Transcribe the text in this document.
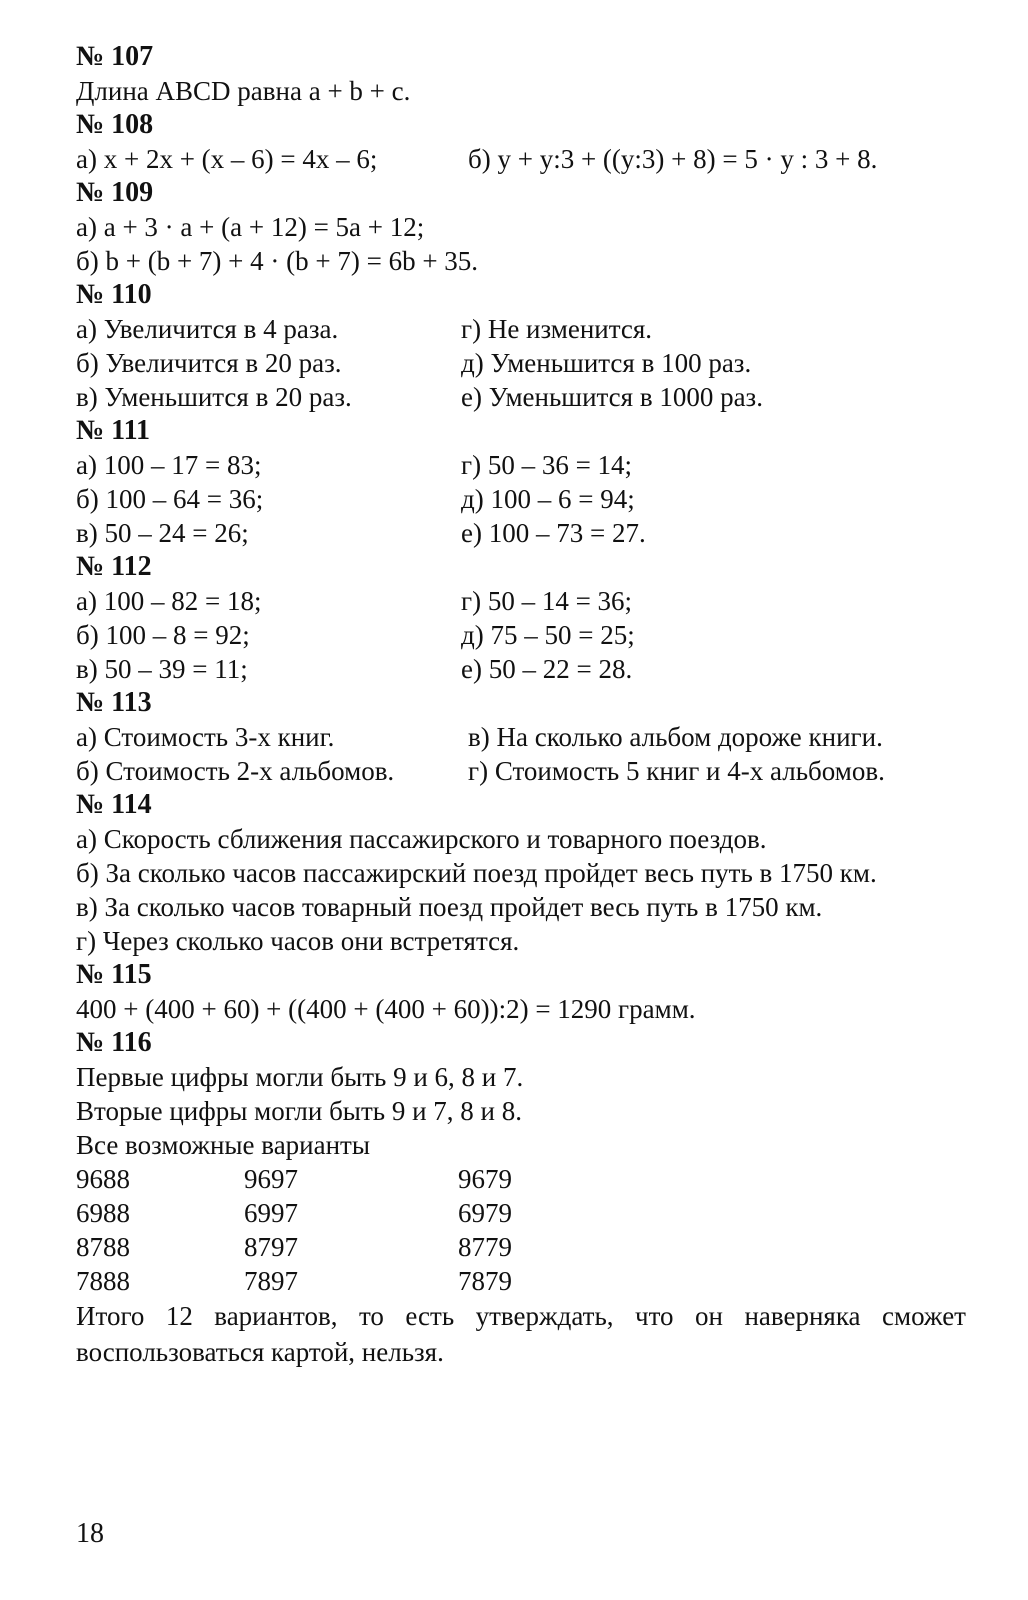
№ 107
Длина ABCD равна a + b + c.
№ 108
а) x + 2x + (x – 6) = 4x – 6;	б) y + y:3 + ((y:3) + 8) = 5 · y : 3 + 8.
№ 109
а) a + 3 · a + (a + 12) = 5a + 12;
б) b + (b + 7) + 4 · (b + 7) = 6b + 35.
№ 110
а) Увеличится в 4 раза.	г) Не изменится.
б) Увеличится в 20 раз.	д) Уменьшится в 100 раз.
в) Уменьшится в 20 раз.	е) Уменьшится в 1000 раз.
№ 111
а) 100 – 17 = 83;	г) 50 – 36 = 14;
б) 100 – 64 = 36;	д) 100 – 6 = 94;
в) 50 – 24 = 26;	е) 100 – 73 = 27.
№ 112
а) 100 – 82 = 18;	г) 50 – 14 = 36;
б) 100 – 8 = 92;	д) 75 – 50 = 25;
в) 50 – 39 = 11;	е) 50 – 22 = 28.
№ 113
а) Стоимость 3-х книг.	в) На сколько альбом дороже книги.
б) Стоимость 2-х альбомов.	г) Стоимость 5 книг и 4-х альбомов.
№ 114
а) Скорость сближения пассажирского и товарного поездов.
б) За сколько часов пассажирский поезд пройдет весь путь в 1750 км.
в) За сколько часов товарный поезд пройдет весь путь в 1750 км.
г) Через сколько часов они встретятся.
№ 115
400 + (400 + 60) + ((400 + (400 + 60)):2) = 1290 грамм.
№ 116
Первые цифры могли быть 9 и 6, 8 и 7.
Вторые цифры могли быть 9 и 7, 8 и 8.
Все возможные варианты
9688	9697	9679
6988	6997	6979
8788	8797	8779
7888	7897	7879
Итого 12 вариантов, то есть утверждать, что он наверняка сможет воспользоваться картой, нельзя.
18
